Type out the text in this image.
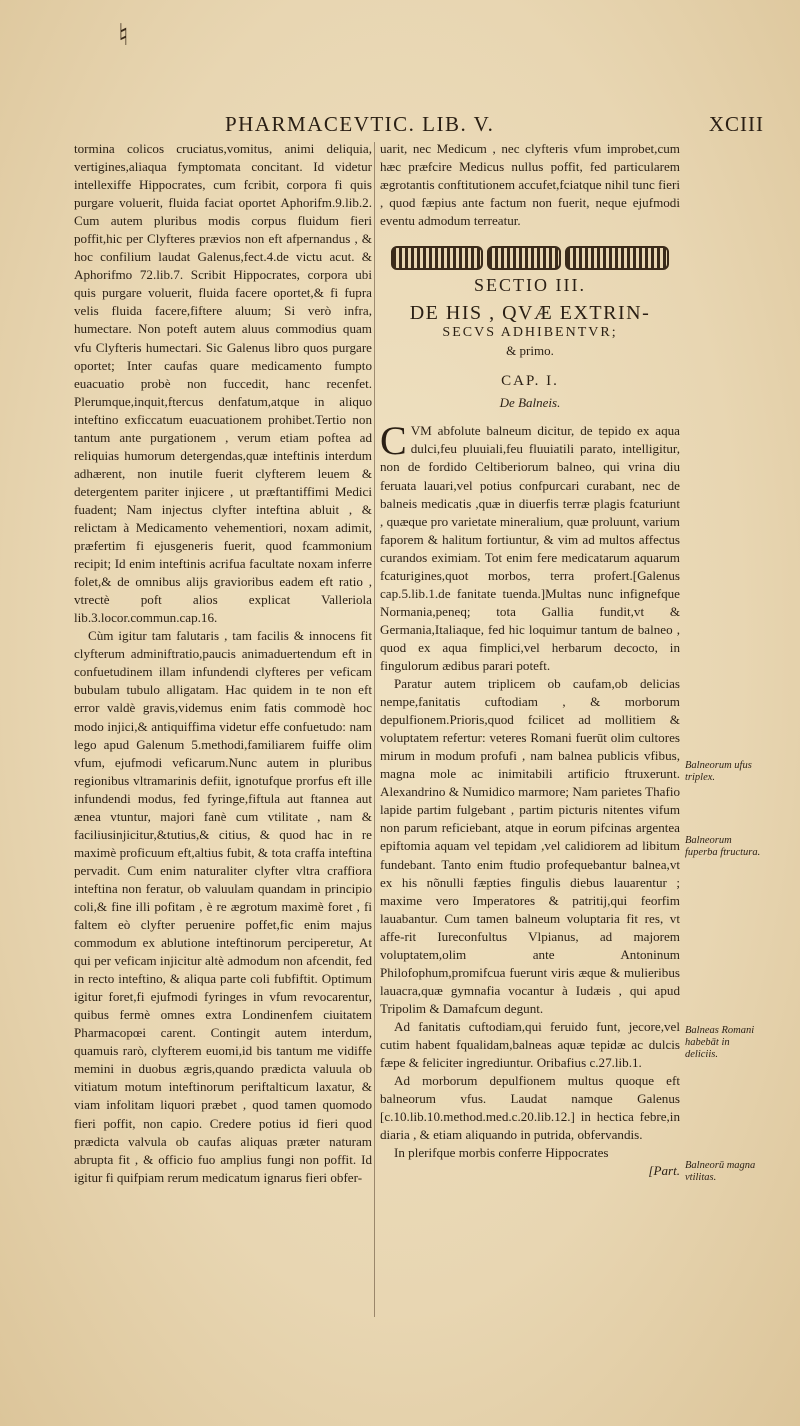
♮
PHARMACEVTIC. LIB. V.	XCIII

tormina colicos cruciatus,vomitus, animi deliquia, vertigines,aliaqua fymptomata concitant. Id videtur intellexiffe Hippocrates, cum fcribit, corpora fi quis purgare voluerit, fluida faciat oportet Aphorifm.9.lib.2. Cum autem pluribus modis corpus fluidum fieri poffit,hic per Clyfteres prævios non eft afpernandus , & hoc confilium laudat Galenus,fect.4.de victu acut. & Aphorifmo 72.lib.7. Scribit Hippocrates, corpora ubi quis purgare voluerit, fluida facere oportet,& fi fupra velis fluida facere,fiftere aluum; Si verò infra, humectare. Non poteft autem aluus commodius quam vfu Clyfteris humectari. Sic Galenus libro quos purgare oportet; Inter caufas quare medicamento fumpto euacuatio probè non fuccedit, hanc recenfet. Plerumque,inquit,ftercus denfatum,atque in aliquo inteftino exficcatum euacuationem prohibet.Tertio non tantum ante purgationem , verum etiam poftea ad reliquias humorum detergendas,quæ inteftinis interdum adhærent, non inutile fuerit clyfterem leuem & detergentem pariter injicere , ut præftantiffimi Medici fuadent; Nam injectus clyfter inteftina abluit , & relictam à Medicamento vehementiori, noxam adimit, præfertim fi ejusgeneris fuerit, quod fcammonium recipit; Id enim inteftinis acrifua facultate noxam inferre folet,& de omnibus alijs gravioribus eadem eft ratio , vtrectè poft alios explicat Valleriola lib.3.locor.commun.cap.16.

Cùm igitur tam falutaris , tam facilis & innocens fit clyfterum adminiftratio,paucis animaduertendum eft in confuetudinem illam infundendi clyfteres per veficam bubulam tubulo alligatam. Hac quidem in te non eft error valdè gravis,videmus enim fatis commodè hoc modo injici,& antiquiffima videtur effe confuetudo: nam lego apud Galenum 5.methodi,familiarem fuiffe olim vfum, ejufmodi veficarum.Nunc autem in pluribus regionibus vltramarinis defiit, ignotufque prorfus eft ille infundendi modus, fed fyringe,fiftula aut ftannea aut ænea vtuntur, majori fanè cum vtilitate , nam & faciliusinjicitur,&tutius,& citius, & quod hac in re maximè proficuum eft,altius fubit, & tota craffa inteftina pervadit. Cum enim naturaliter clyfter vltra craffiora inteftina non feratur, ob valuulam quandam in principio coli,& fine illi pofitam , è re ægrotum maximè foret , fi faltem eò clyfter peruenire poffet,fic enim majus commodum ex ablutione inteftinorum perciperetur, At qui per veficam injicitur altè admodum non afcendit, fed in recto inteftino, & aliqua parte coli fubfiftit. Optimum igitur foret,fi ejufmodi fyringes in vfum revocarentur, quibus fermè omnes extra Londinenfem ciuitatem Pharmacopœi carent. Contingit autem interdum, quamuis rarò, clyfterem euomi,id bis tantum me vidiffe memini in duobus ægris,quando prædicta valuula ob vitiatum motum inteftinorum periftalticum laxatur, & viam infolitam liquori præbet , quod tamen quomodo fieri poffit, non capio. Credere potius id fieri quod prædicta valvula ob caufas aliquas præter naturam abrupta fit , & officio fuo amplius fungi non poffit. Id igitur fi quifpiam rerum medicatum ignarus fieri obfer-

uarit, nec Medicum , nec clyfteris vfum improbet,cum hæc præfcire Medicus nullus poffit, fed particularem ægrotantis conftitutionem accufet,fciatque nihil tunc fieri , quod fæpius ante factum non fuerit, neque ejufmodi eventu admodum terreatur.

SECTIO III.
DE HIS , QVÆ EXTRIN-
SECVS ADHIBENTVR;
& primo.
CAP. I.
De Balneis.

CVM abfolute balneum dicitur, de tepido ex aqua dulci,feu pluuiali,feu fluuiatili parato, intelligitur, non de fordido Celtiberiorum balneo, qui vrina diu feruata lauari,vel potius confpurcari curabant, nec de balneis medicatis ,quæ in diuerfis terræ plagis fcaturiunt , quæque pro varietate mineralium, quæ proluunt, varium faporem & halitum fortiuntur, & vim ad multos affectus curandos eximiam. Tot enim fere medicatarum aquarum fcaturigines,quot morbos, terra profert.[Galenus cap.5.lib.1.de fanitate tuenda.]Multas nunc infignefque Normania,peneq; tota Gallia fundit,vt & Germania,Italiaque, fed hic loquimur tantum de balneo , quod ex aqua fimplici,vel herbarum decocto, in fingulorum ædibus parari poteft.

Paratur autem triplicem ob caufam,ob delicias nempe,fanitatis cuftodiam , & morborum depulfionem.Prioris,quod fcilicet ad mollitiem & voluptatem refertur: veteres Romani fuerūt olim cultores mirum in modum profufi , nam balnea publicis vfibus, magna mole ac inimitabili artificio ftruxerunt. Alexandrino & Numidico marmore; Nam parietes Thafio lapide partim fulgebant , partim picturis nitentes vifum non parum reficiebant, atque in eorum pifcinas argentea epiftomia aquam vel tepidam ,vel calidiorem ad libitum fundebant. Tanto enim ftudio profequebantur balnea,vt ex his nõnulli fæpties fingulis diebus lauarentur ; maxime vero Imperatores & patritij,qui feorfim lauabantur. Cum tamen balneum voluptaria fit res, vt affe-rit Iureconfultus Vlpianus, ad majorem voluptatem,olim ante Antoninum Philofophum,promifcua fuerunt viris æque & mulieribus lauacra,quæ gymnafia vocantur à Iudæis , qui apud Tripolim & Damafcum degunt.

Ad fanitatis cuftodiam,qui feruido funt, jecore,vel cutim habent fqualidam,balneas aquæ tepidæ ac dulcis fæpe & feliciter ingrediuntur. Oribafius c.27.lib.1.

Ad morborum depulfionem multus quoque eft balneorum vfus. Laudat namque Galenus [c.10.lib.10.method.med.c.20.lib.12.] in hectica febre,in diaria , & etiam aliquando in putrida, obfervandis.

In plerifque morbis conferre Hippocrates

[Part.

Balneorum ufus triplex.
Balneorum fuperba ftructura.
Balneas Romani habebāt in deliciis.
Balneorū magna vtilitas.
